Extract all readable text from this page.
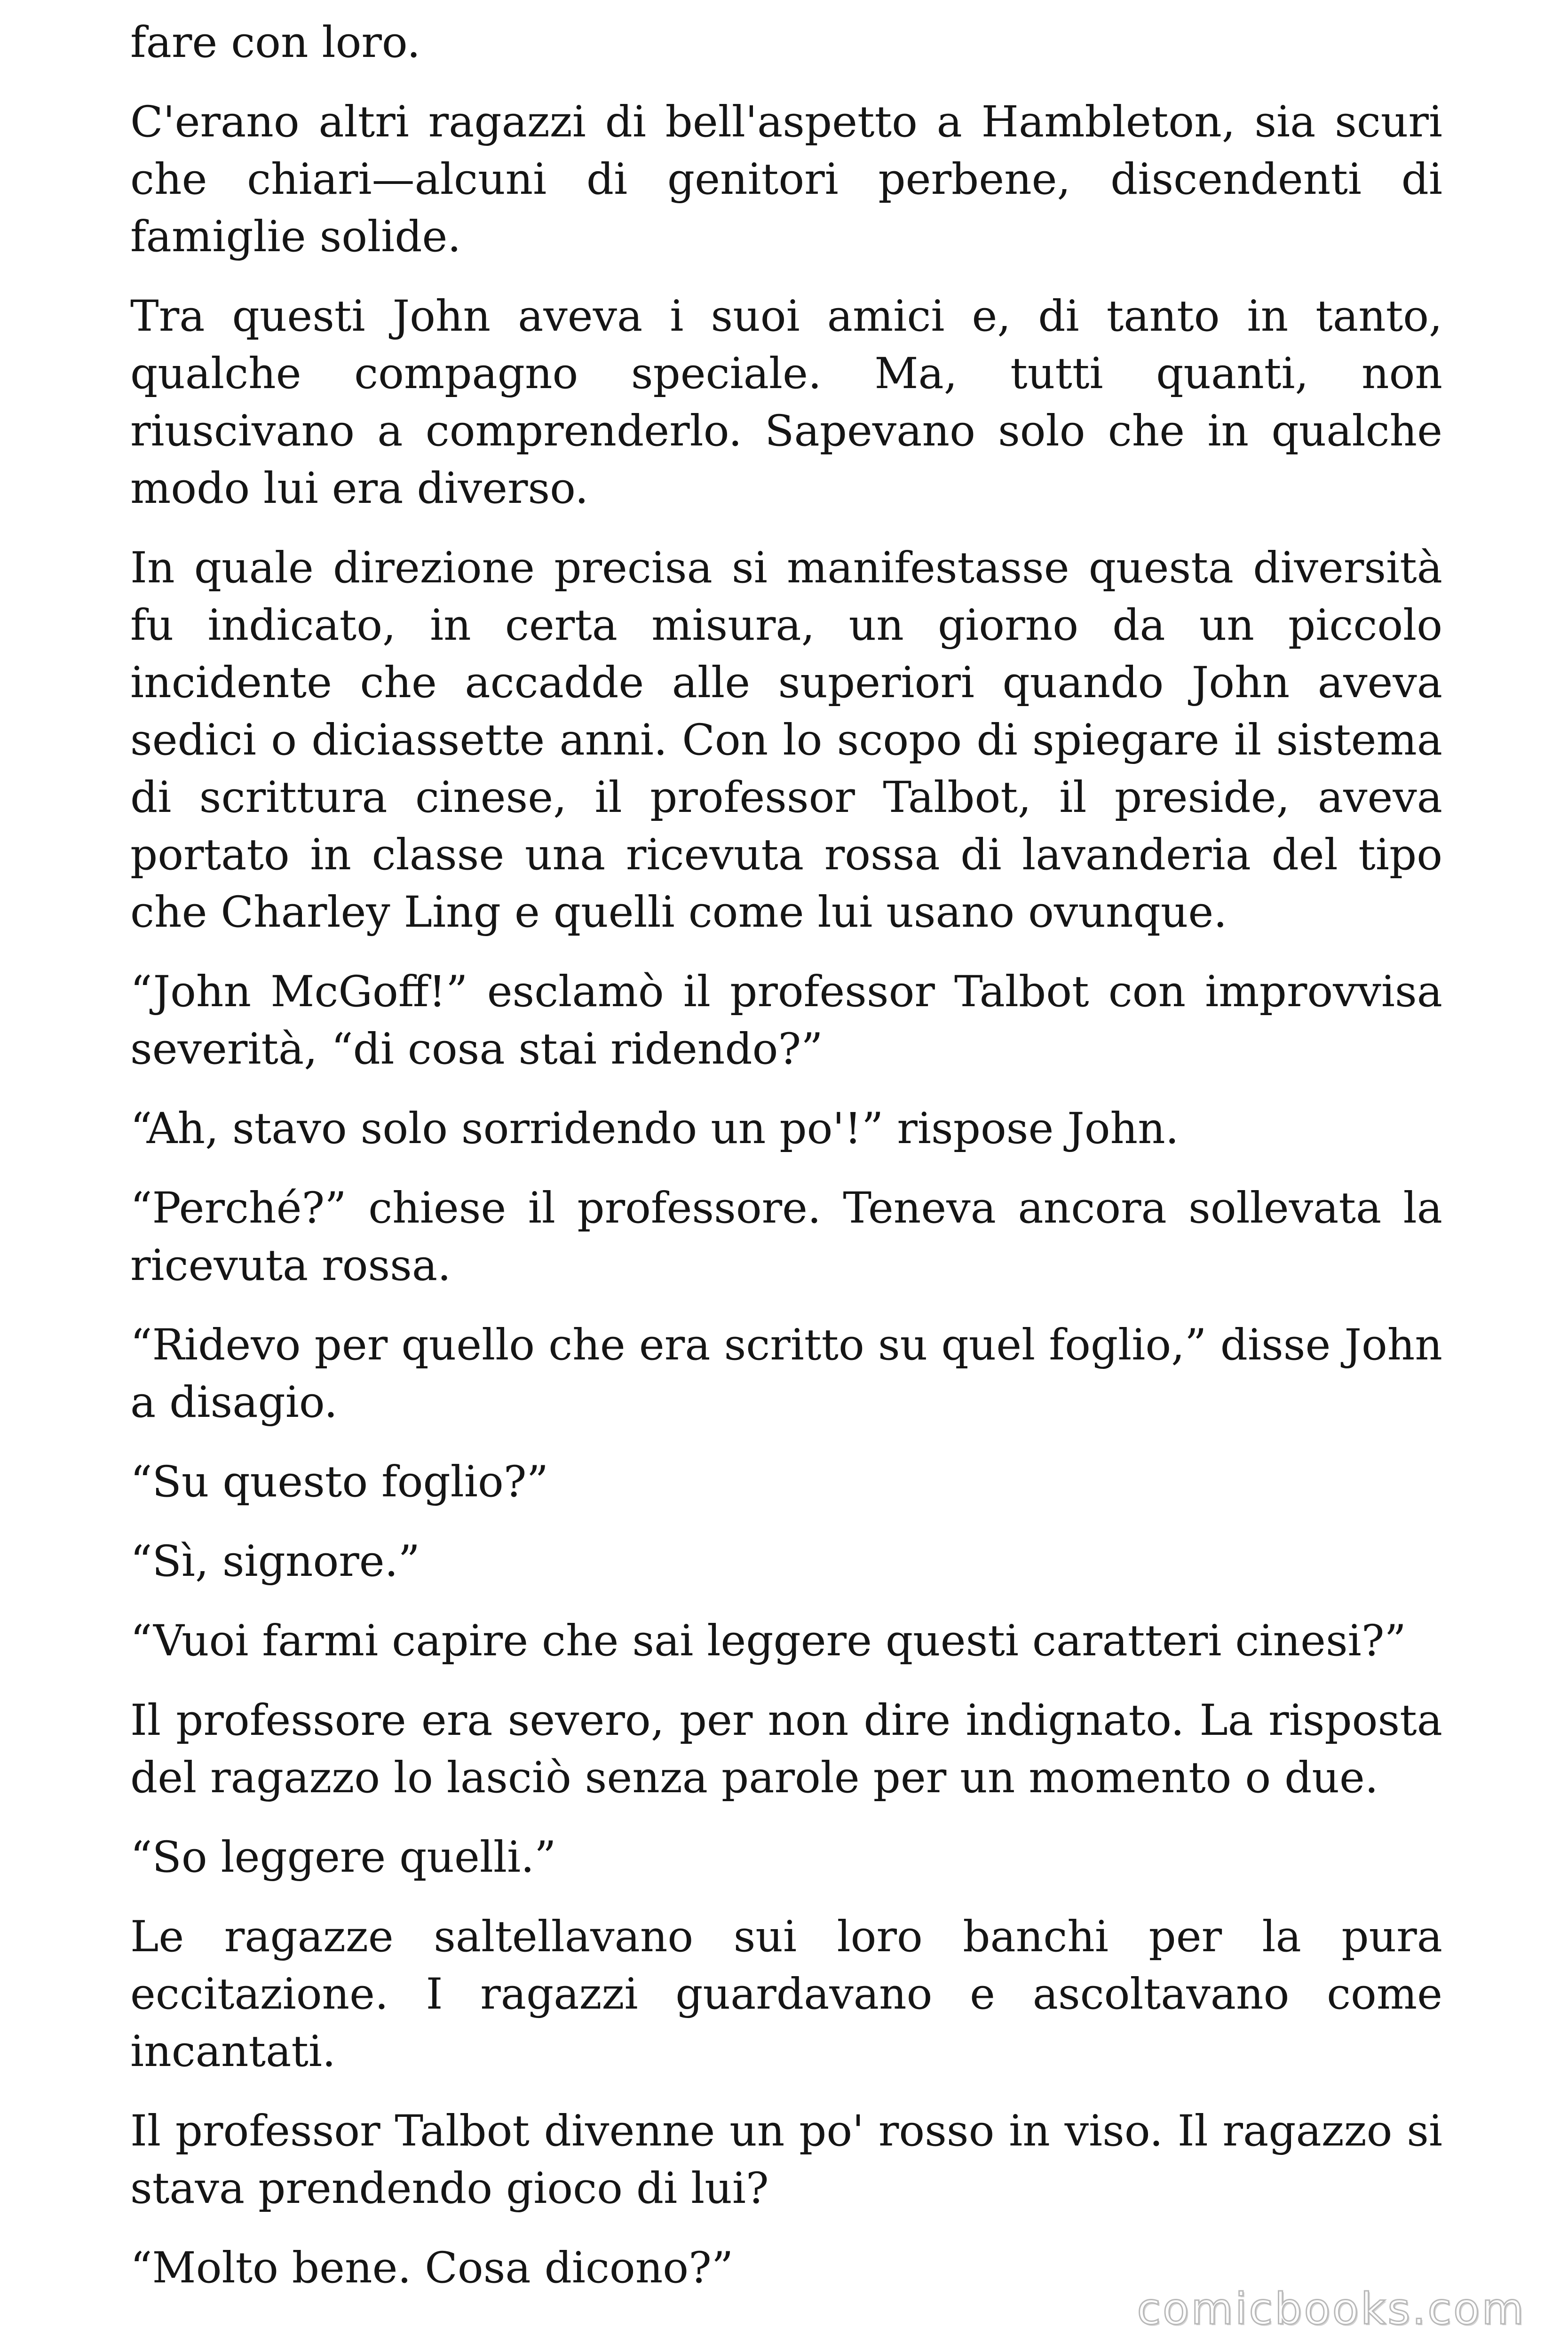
fare con loro.

C'erano altri ragazzi di bell'aspetto a Hambleton, sia scuri che chiari—alcuni di genitori perbene, discendenti di famiglie solide.

Tra questi John aveva i suoi amici e, di tanto in tanto, qualche compagno speciale. Ma, tutti quanti, non riuscivano a comprenderlo. Sapevano solo che in qualche modo lui era diverso.

In quale direzione precisa si manifestasse questa diversità fu indicato, in certa misura, un giorno da un piccolo incidente che accadde alle superiori quando John aveva sedici o diciassette anni. Con lo scopo di spiegare il sistema di scrittura cinese, il professor Talbot, il preside, aveva portato in classe una ricevuta rossa di lavanderia del tipo che Charley Ling e quelli come lui usano ovunque.

“John McGoff!” esclamò il professor Talbot con improvvisa severità, “di cosa stai ridendo?”

“Ah, stavo solo sorridendo un po'!” rispose John.

“Perché?” chiese il professore. Teneva ancora sollevata la ricevuta rossa.

“Ridevo per quello che era scritto su quel foglio,” disse John a disagio.

“Su questo foglio?”

“Sì, signore.”

“Vuoi farmi capire che sai leggere questi caratteri cinesi?”

Il professore era severo, per non dire indignato. La risposta del ragazzo lo lasciò senza parole per un momento o due.

“So leggere quelli.”

Le ragazze saltellavano sui loro banchi per la pura eccitazione. I ragazzi guardavano e ascoltavano come incantati.

Il professor Talbot divenne un po' rosso in viso. Il ragazzo si stava prendendo gioco di lui?

“Molto bene. Cosa dicono?”

comicbooks.com
